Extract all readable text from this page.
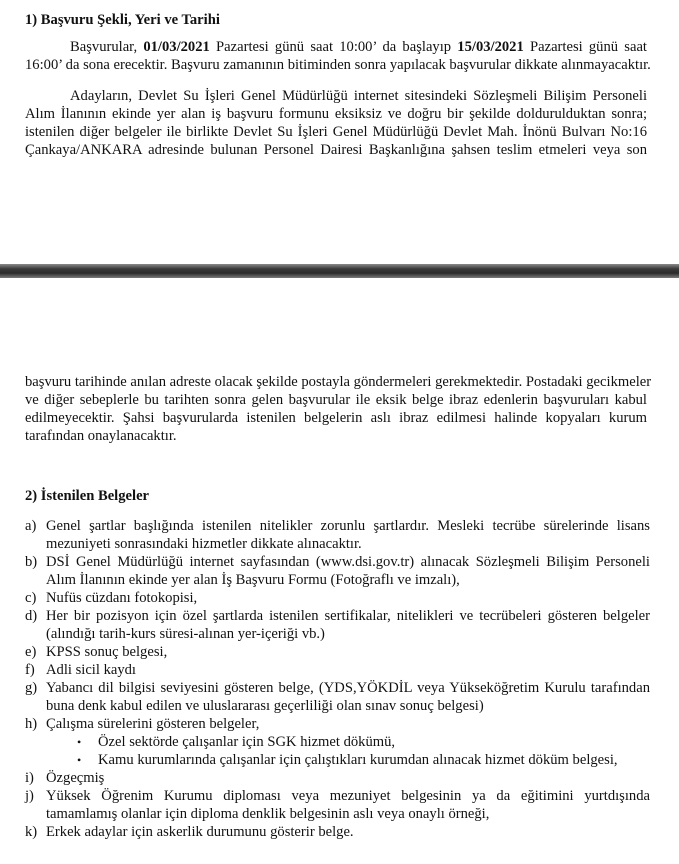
1) Başvuru Şekli, Yeri ve Tarihi
Başvurular, 01/03/2021 Pazartesi günü saat 10:00’ da başlayıp 15/03/2021 Pazartesi günü saat
16:00’ da sona erecektir. Başvuru zamanının bitiminden sonra yapılacak başvurular dikkate alınmayacaktır.
Adayların, Devlet Su İşleri Genel Müdürlüğü internet sitesindeki Sözleşmeli Bilişim Personeli
Alım İlanının ekinde yer alan iş başvuru formunu eksiksiz ve doğru bir şekilde doldurulduktan sonra;
istenilen diğer belgeler ile birlikte Devlet Su İşleri Genel Müdürlüğü Devlet Mah. İnönü Bulvarı No:16
Çankaya/ANKARA adresinde bulunan Personel Dairesi Başkanlığına şahsen teslim etmeleri veya son
başvuru tarihinde anılan adreste olacak şekilde postayla göndermeleri gerekmektedir. Postadaki gecikmeler
ve diğer sebeplerle bu tarihten sonra gelen başvurular ile eksik belge ibraz edenlerin başvuruları kabul
edilmeyecektir. Şahsi başvurularda istenilen belgelerin aslı ibraz edilmesi halinde kopyaları kurum
tarafından onaylanacaktır.
2) İstenilen Belgeler
a) Genel şartlar başlığında istenilen nitelikler zorunlu şartlardır. Mesleki tecrübe sürelerinde lisans
mezuniyeti sonrasındaki hizmetler dikkate alınacaktır.
b) DSİ Genel Müdürlüğü internet sayfasından (www.dsi.gov.tr) alınacak Sözleşmeli Bilişim Personeli
Alım İlanının ekinde yer alan İş Başvuru Formu (Fotoğraflı ve imzalı),
c) Nufüs cüzdanı fotokopisi,
d) Her bir pozisyon için özel şartlarda istenilen sertifikalar, nitelikleri ve tecrübeleri gösteren belgeler
(alındığı tarih-kurs süresi-alınan yer-içeriği vb.)
e) KPSS sonuç belgesi,
f) Adli sicil kaydı
g) Yabancı dil bilgisi seviyesini gösteren belge, (YDS,YÖKDİL veya Yükseköğretim Kurulu tarafından
buna denk kabul edilen ve uluslararası geçerliliği olan sınav sonuç belgesi)
h) Çalışma sürelerini gösteren belgeler,
• Özel sektörde çalışanlar için SGK hizmet dökümü,
• Kamu kurumlarında çalışanlar için çalıştıkları kurumdan alınacak hizmet döküm belgesi,
i) Özgeçmiş
j) Yüksek Öğrenim Kurumu diploması veya mezuniyet belgesinin ya da eğitimini yurtdışında
tamamlamış olanlar için diploma denklik belgesinin aslı veya onaylı örneği,
k) Erkek adaylar için askerlik durumunu gösterir belge.
